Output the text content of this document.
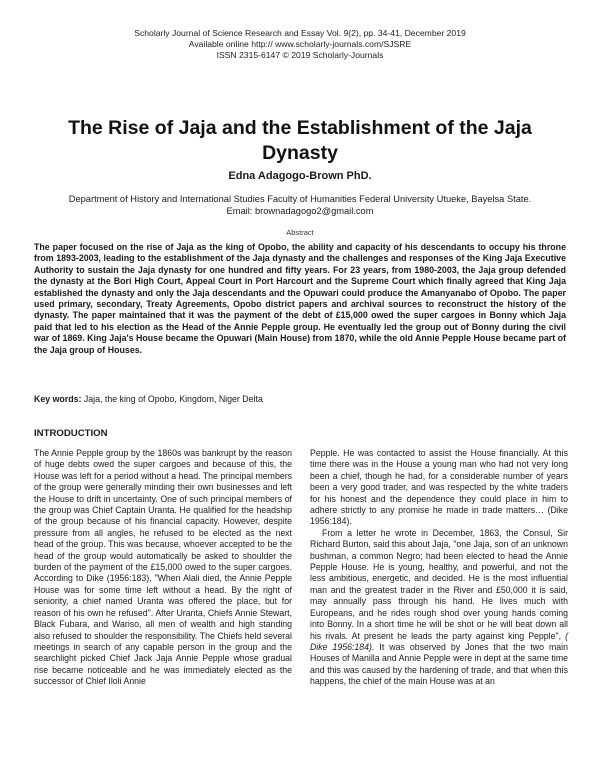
Scholarly Journal of Science Research and Essay Vol. 9(2), pp. 34-41, December 2019
Available online http:// www.scholarly-journals.com/SJSRE
ISSN 2315-6147 © 2019 Scholarly-Journals
The Rise of Jaja and the Establishment of the Jaja Dynasty
Edna Adagogo-Brown PhD.
Department of History and International Studies Faculty of Humanities Federal University Utueke, Bayelsa State.
Email: brownadagogo2@gmail.com
Abstract

The paper focused on the rise of Jaja as the king of Opobo, the ability and capacity of his descendants to occupy his throne from 1893-2003, leading to the establishment of the Jaja dynasty and the challenges and responses of the King Jaja Executive Authority to sustain the Jaja dynasty for one hundred and fifty years. For 23 years, from 1980-2003, the Jaja group defended the dynasty at the Bori High Court, Appeal Court in Port Harcourt and the Supreme Court which finally agreed that King Jaja established the dynasty and only the Jaja descendants and the Opuwari could produce the Amanyanabo of Opobo. The paper used primary, secondary, Treaty Agreements, Opobo district papers and archival sources to reconstruct the history of the dynasty. The paper maintained that it was the payment of the debt of £15,000 owed the super cargoes in Bonny which Jaja paid that led to his election as the Head of the Annie Pepple group. He eventually led the group out of Bonny during the civil war of 1869. King Jaja's House became the Opuwari (Main House) from 1870, while the old Annie Pepple House became part of the Jaja group of Houses.

Key words: Jaja, the king of Opobo, Kingdom, Niger Delta
INTRODUCTION

The Annie Pepple group by the 1860s was bankrupt by the reason of huge debts owed the super cargoes and because of this, the House was left for a period without a head. The principal members of the group were generally minding their own businesses and left the House to drift in uncertainty. One of such principal members of the group was Chief Captain Uranta. He qualified for the headship of the group because of his financial capacity. However, despite pressure from all angles, he refused to be elected as the next head of the group. This was because, whoever accepted to be the head of the group would automatically be asked to shoulder the burden of the payment of the £15,000 owed to the super cargoes. According to Dike (1956:183), "When Alali died, the Annie Pepple House was for some time left without a head. By the right of seniority, a chief named Uranta was offered the place, but for reason of his own he refused". After Uranta, Chiefs Annie Stewart, Black Fubara, and Wariso, all men of wealth and high standing also refused to shoulder the responsibility. The Chiefs held several meetings in search of any capable person in the group and the searchlight picked Chief Jack Jaja Annie Pepple whose gradual rise became noticeable and he was immediately elected as the successor of Chief Iloli Annie

Pepple. He was contacted to assist the House financially. At this time there was in the House a young man who had not very long been a chief, though he had, for a considerable number of years been a very good trader, and was respected by the white traders for his honest and the dependence they could place in him to adhere strictly to any promise he made in trade matters… (Dike 1956:184).

From a letter he wrote in December, 1863, the Consul, Sir Richard Burton, said this about Jaja, "one Jaja, son of an unknown bushman, a common Negro; had been elected to head the Annie Pepple House. He is young, healthy, and powerful, and not the less ambitious, energetic, and decided. He is the most influential man and the greatest trader in the River and £50,000 it is said, may annually pass through his hand. He lives much with Europeans, and he rides rough shod over young hands coming into Bonny. In a short time he will be shot or he will beat down all his rivals. At present he leads the party against king Pepple", ( Dike 1956:184). It was observed by Jones that the two main Houses of Manilla and Annie Pepple were in dept at the same time and this was caused by the hardening of trade, and that when this happens, the chief of the main House was at an
